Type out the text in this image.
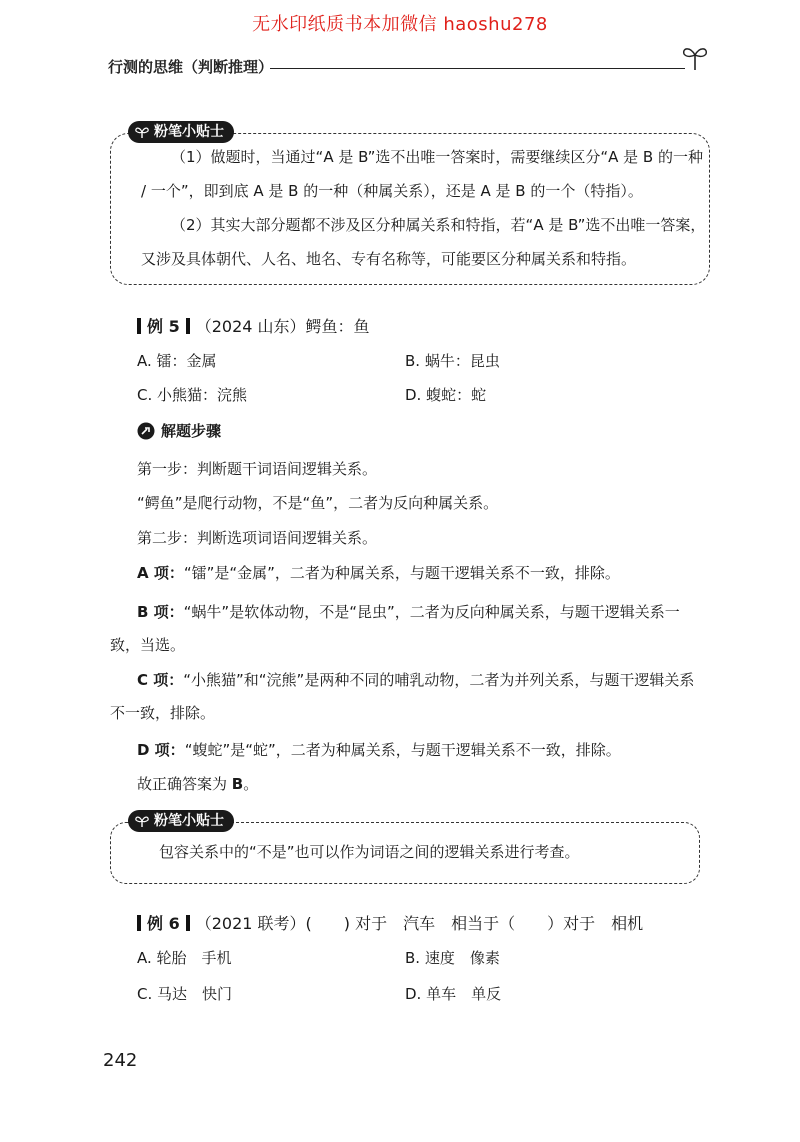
无水印纸质书本加微信 haoshu278
行测的思维（判断推理）

（1）做题时，当通过“A 是 B”选不出唯一答案时，需要继续区分“A 是 B 的一种 / 一个”，即到底 A 是 B 的一种（种属关系），还是 A 是 B 的一个（特指）。

（2）其实大部分题都不涉及区分种属关系和特指，若“A 是 B”选不出唯一答案，又涉及具体朝代、人名、地名、专有名称等，可能要区分种属关系和特指。

粉笔小贴士
例 5 （2024 山东）鳄鱼：鱼
A. 镭：金属	B. 蜗牛：昆虫
C. 小熊猫：浣熊	D. 蝮蛇：蛇
解题步骤
第一步：判断题干词语间逻辑关系。
“鳄鱼”是爬行动物，不是“鱼”，二者为反向种属关系。
第二步：判断选项词语间逻辑关系。
A 项：“镭”是“金属”，二者为种属关系，与题干逻辑关系不一致，排除。
B 项：“蜗牛”是软体动物，不是“昆虫”，二者为反向种属关系，与题干逻辑关系一致，当选。
C 项：“小熊猫”和“浣熊”是两种不同的哺乳动物，二者为并列关系，与题干逻辑关系不一致，排除。
D 项：“蝮蛇”是“蛇”，二者为种属关系，与题干逻辑关系不一致，排除。
故正确答案为 B。
包容关系中的“不是”也可以作为词语之间的逻辑关系进行考查。
粉笔小贴士
例 6 （2021 联考）(　　) 对于　汽车　相当于（　　）对于　相机
A. 轮胎　手机	B. 速度　像素
C. 马达　快门	D. 单车　单反
242
